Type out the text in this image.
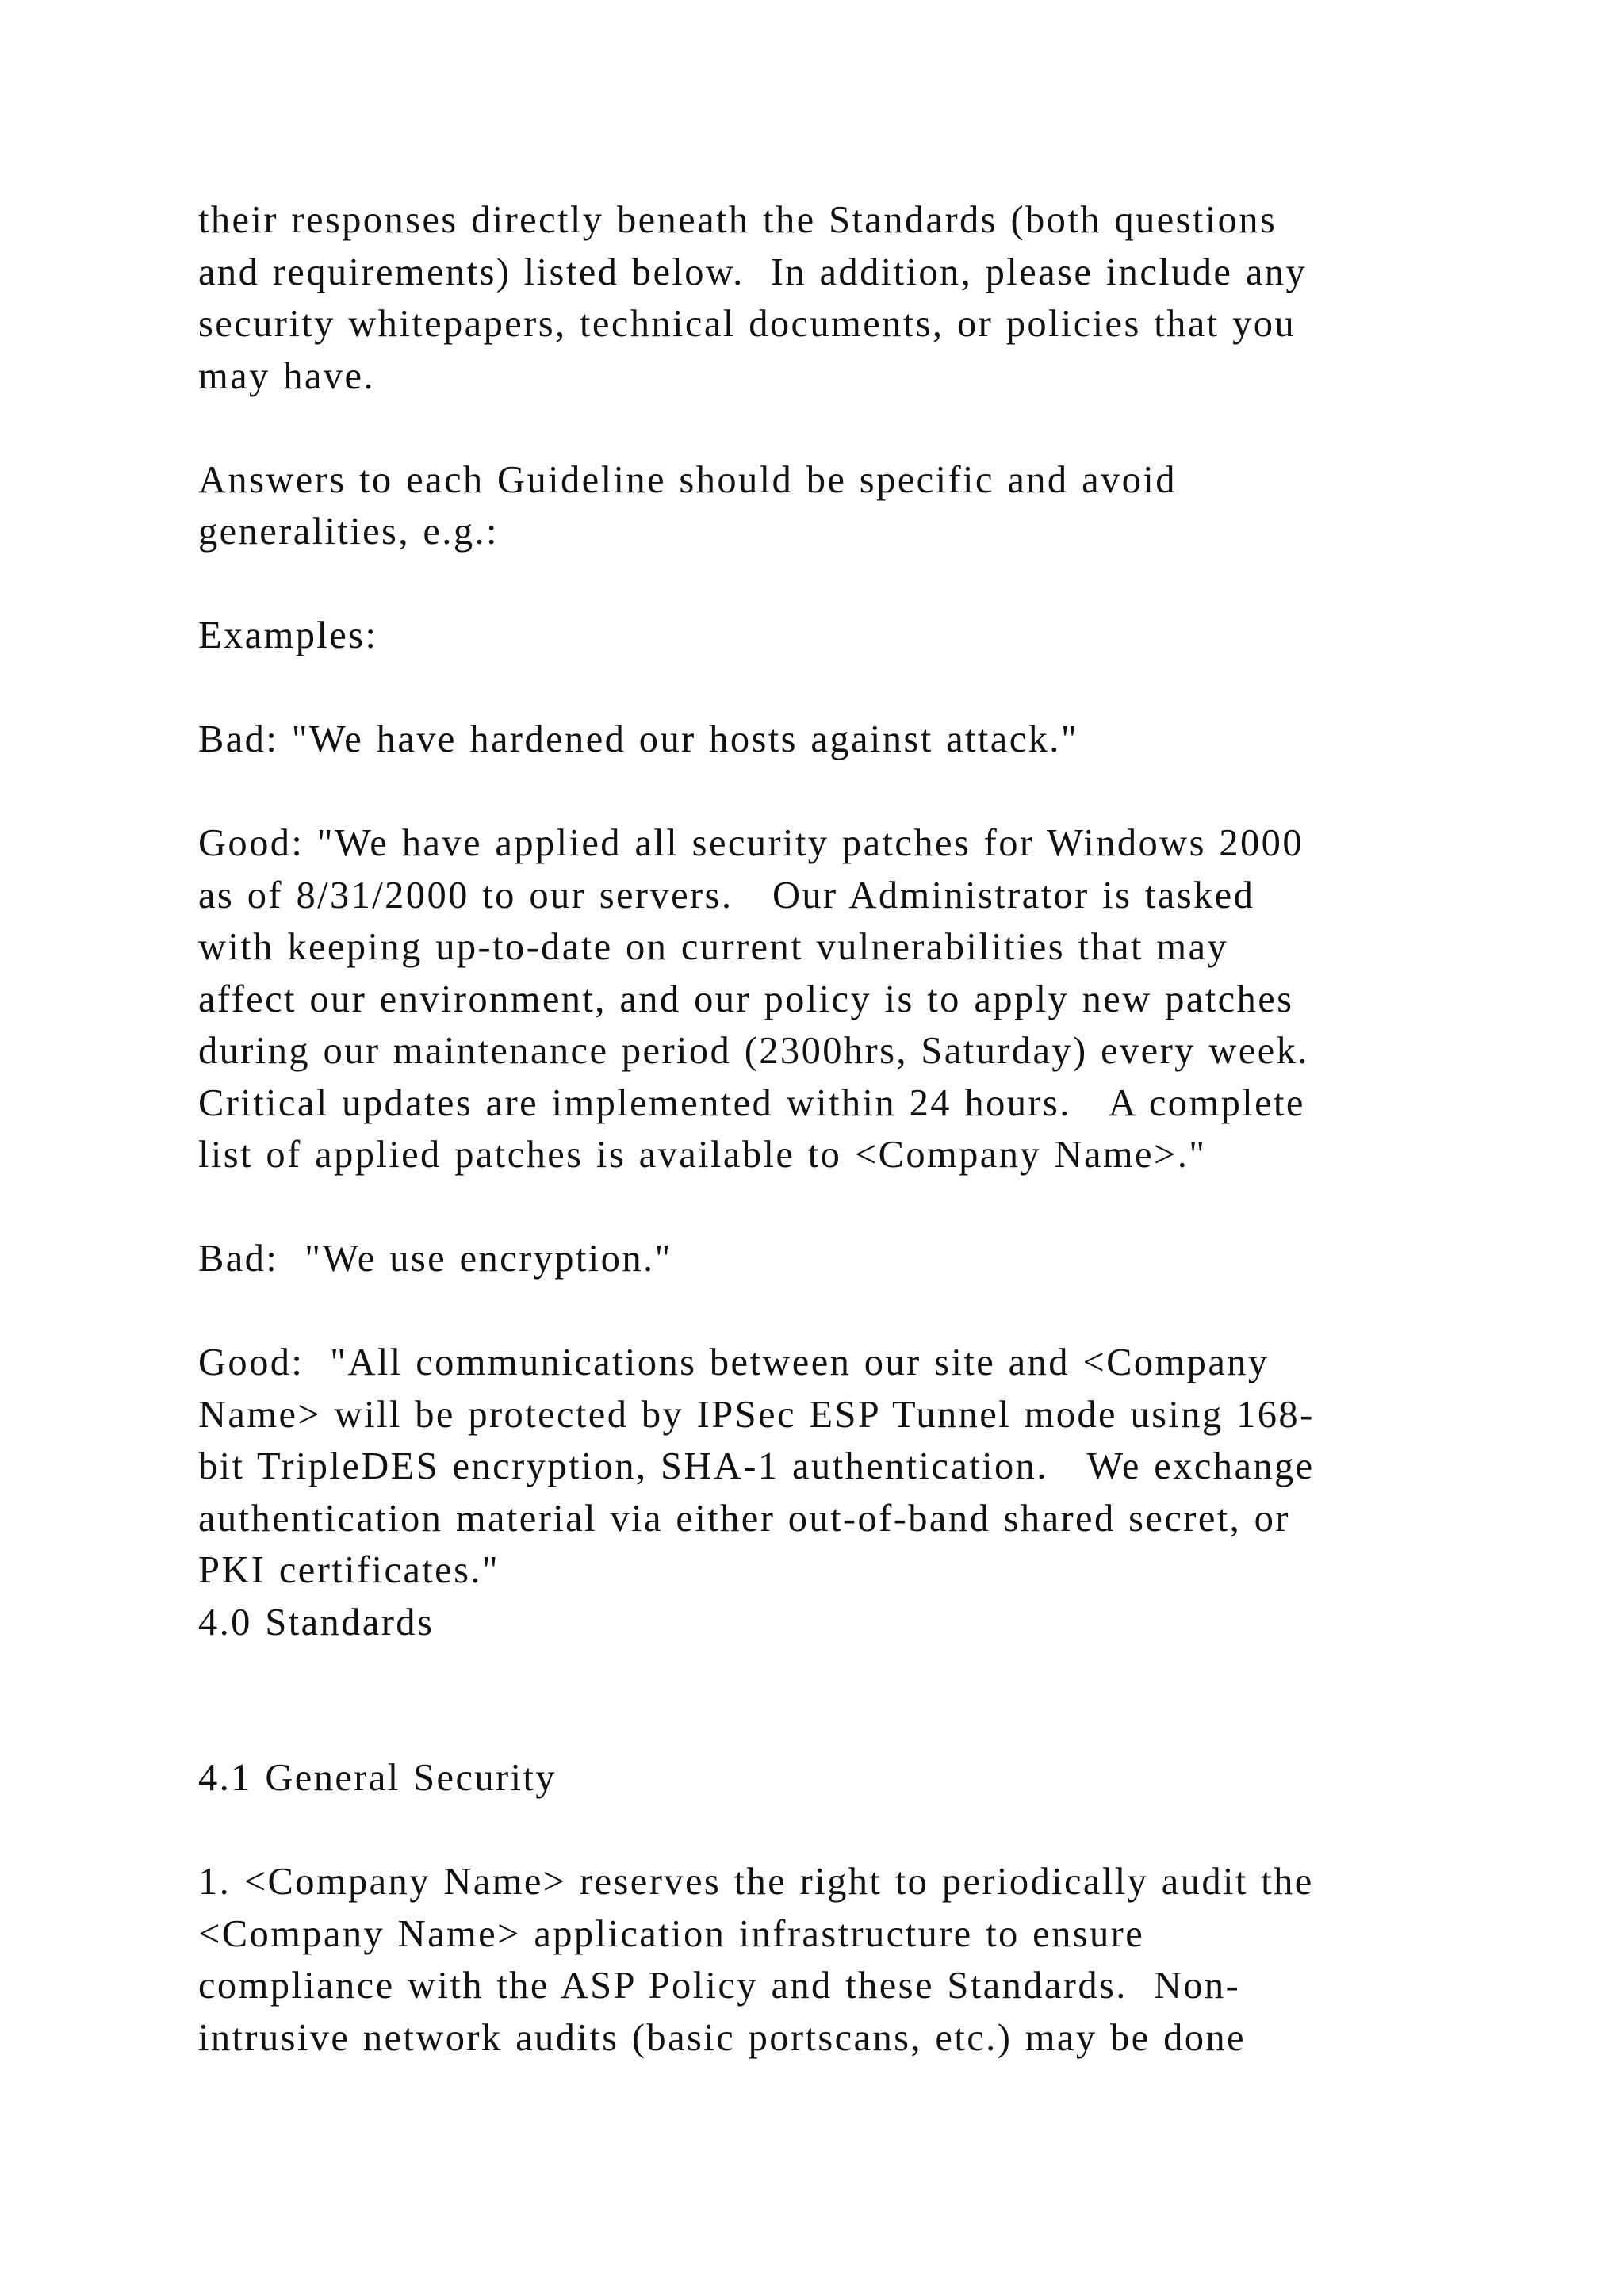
their responses directly beneath the Standards (both questions
and requirements) listed below.  In addition, please include any
security whitepapers, technical documents, or policies that you
may have.
Answers to each Guideline should be specific and avoid
generalities, e.g.:
Examples:
Bad: "We have hardened our hosts against attack."
Good: "We have applied all security patches for Windows 2000
as of 8/31/2000 to our servers.   Our Administrator is tasked
with keeping up-to-date on current vulnerabilities that may
affect our environment, and our policy is to apply new patches
during our maintenance period (2300hrs, Saturday) every week.
Critical updates are implemented within 24 hours.   A complete
list of applied patches is available to <Company Name>."
Bad:  "We use encryption."
Good:  "All communications between our site and <Company
Name> will be protected by IPSec ESP Tunnel mode using 168-
bit TripleDES encryption, SHA-1 authentication.   We exchange
authentication material via either out-of-band shared secret, or
PKI certificates."
4.0 Standards
4.1 General Security
1. <Company Name> reserves the right to periodically audit the
<Company Name> application infrastructure to ensure
compliance with the ASP Policy and these Standards.  Non-
intrusive network audits (basic portscans, etc.) may be done
